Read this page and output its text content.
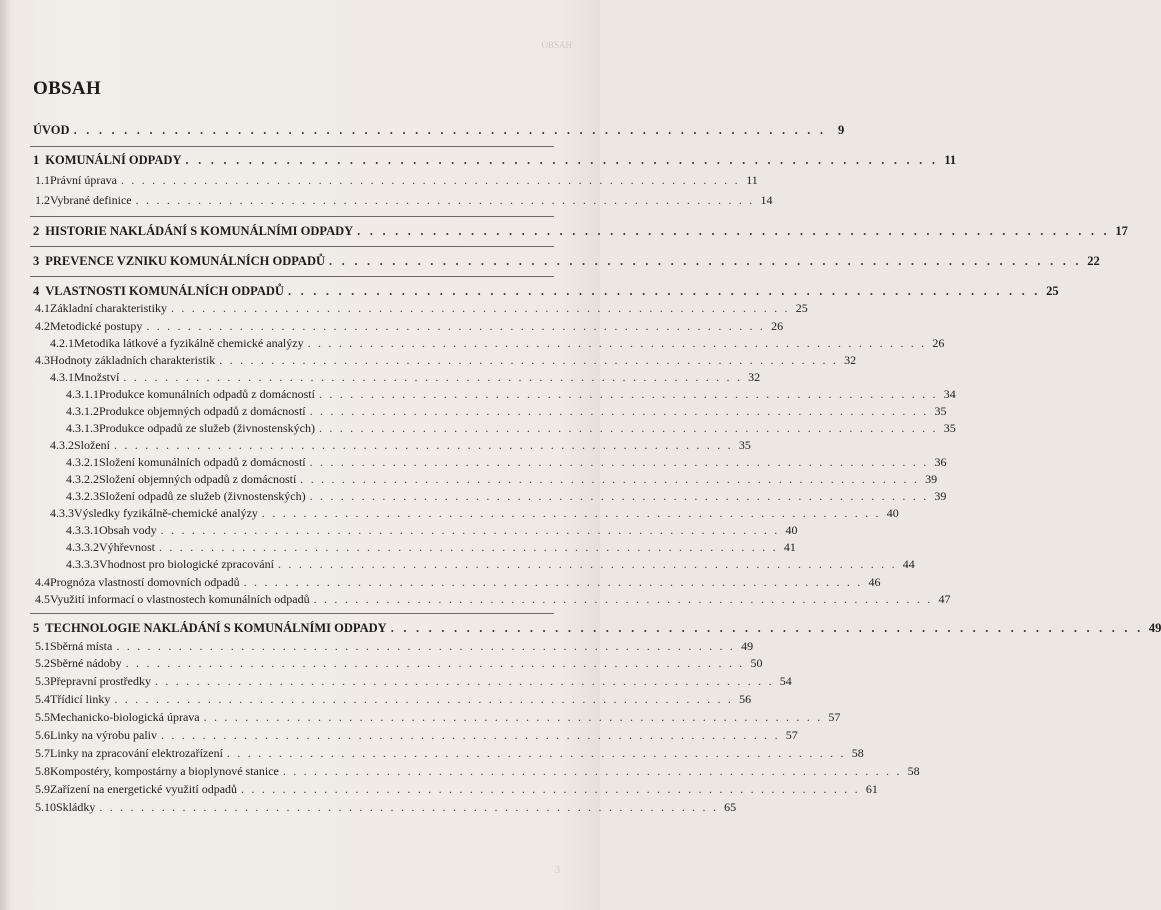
OBSAH
3
OBSAH
ÚVOD . . . . . . . . . . . . . . . . . . . . . . . . . . . . . . . . . . . . . . . . . . . . . . . . . . . . . . . . . . . . 9
1 KOMUNÁLNÍ ODPADY . . . . . . . . . . . . . . . . . . . . . . . . . . . . . . . . . . . . . . . . . . . . . . . . . . . . . . . . . . . . 11
1.1 Právní úprava . . . . . . . . . . . . . . . . . . . . . . . . . . . . . . . . . . . . . . . . . . . . . . . . . . . . . . . . . . . . 11
1.2 Vybrané definice . . . . . . . . . . . . . . . . . . . . . . . . . . . . . . . . . . . . . . . . . . . . . . . . . . . . . . . . . . . . 14
2 HISTORIE NAKLÁDÁNÍ S KOMUNÁLNÍMI ODPADY . . . . . . . . . . . . . . . . . . . . . . . . . . . . . . . . . . . . . . . . . . . . . . . . . . . . . . . . . . . . 17
3 PREVENCE VZNIKU KOMUNÁLNÍCH ODPADŮ . . . . . . . . . . . . . . . . . . . . . . . . . . . . . . . . . . . . . . . . . . . . . . . . . . . . . . . . . . . . 22
4 VLASTNOSTI KOMUNÁLNÍCH ODPADŮ . . . . . . . . . . . . . . . . . . . . . . . . . . . . . . . . . . . . . . . . . . . . . . . . . . . . . . . . . . . . 25
4.1 Základní charakteristiky . . . . . . . . . . . . . . . . . . . . . . . . . . . . . . . . . . . . . . . . . . . . . . . . . . . . . . . . . . . . 25
4.2 Metodické postupy . . . . . . . . . . . . . . . . . . . . . . . . . . . . . . . . . . . . . . . . . . . . . . . . . . . . . . . . . . . . 26
4.2.1 Metodika látkové a fyzikálně chemické analýzy . . . . . . . . . . . . . . . . . . . . . . . . . . . . . . . . . . . . . . . . . . . . . . . . . . . . . . . . . . . . 26
4.3 Hodnoty základních charakteristik . . . . . . . . . . . . . . . . . . . . . . . . . . . . . . . . . . . . . . . . . . . . . . . . . . . . . . . . . . . . 32
4.3.1 Množství . . . . . . . . . . . . . . . . . . . . . . . . . . . . . . . . . . . . . . . . . . . . . . . . . . . . . . . . . . . . 32
4.3.1.1 Produkce komunálních odpadů z domácností . . . . . . . . . . . . . . . . . . . . . . . . . . . . . . . . . . . . . . . . . . . . . . . . . . . . . . . . . . . . 34
4.3.1.2 Produkce objemných odpadů z domácností . . . . . . . . . . . . . . . . . . . . . . . . . . . . . . . . . . . . . . . . . . . . . . . . . . . . . . . . . . . . 35
4.3.1.3 Produkce odpadů ze služeb (živnostenských) . . . . . . . . . . . . . . . . . . . . . . . . . . . . . . . . . . . . . . . . . . . . . . . . . . . . . . . . . . . . 35
4.3.2 Složení . . . . . . . . . . . . . . . . . . . . . . . . . . . . . . . . . . . . . . . . . . . . . . . . . . . . . . . . . . . . 35
4.3.2.1 Složení komunálních odpadů z domácností . . . . . . . . . . . . . . . . . . . . . . . . . . . . . . . . . . . . . . . . . . . . . . . . . . . . . . . . . . . . 36
4.3.2.2 Složení objemných odpadů z domácností . . . . . . . . . . . . . . . . . . . . . . . . . . . . . . . . . . . . . . . . . . . . . . . . . . . . . . . . . . . . 39
4.3.2.3 Složení odpadů ze služeb (živnostenských) . . . . . . . . . . . . . . . . . . . . . . . . . . . . . . . . . . . . . . . . . . . . . . . . . . . . . . . . . . . . 39
4.3.3 Výsledky fyzikálně-chemické analýzy . . . . . . . . . . . . . . . . . . . . . . . . . . . . . . . . . . . . . . . . . . . . . . . . . . . . . . . . . . . . 40
4.3.3.1 Obsah vody . . . . . . . . . . . . . . . . . . . . . . . . . . . . . . . . . . . . . . . . . . . . . . . . . . . . . . . . . . . . 40
4.3.3.2 Výhřevnost . . . . . . . . . . . . . . . . . . . . . . . . . . . . . . . . . . . . . . . . . . . . . . . . . . . . . . . . . . . . 41
4.3.3.3 Vhodnost pro biologické zpracování . . . . . . . . . . . . . . . . . . . . . . . . . . . . . . . . . . . . . . . . . . . . . . . . . . . . . . . . . . . . 44
4.4 Prognóza vlastností domovních odpadů . . . . . . . . . . . . . . . . . . . . . . . . . . . . . . . . . . . . . . . . . . . . . . . . . . . . . . . . . . . . 46
4.5 Využití informací o vlastnostech komunálních odpadů . . . . . . . . . . . . . . . . . . . . . . . . . . . . . . . . . . . . . . . . . . . . . . . . . . . . . . . . . . . . 47
5 TECHNOLOGIE NAKLÁDÁNÍ S KOMUNÁLNÍMI ODPADY . . . . . . . . . . . . . . . . . . . . . . . . . . . . . . . . . . . . . . . . . . . . . . . . . . . . . . . . . . . . 49
5.1 Sběrná místa . . . . . . . . . . . . . . . . . . . . . . . . . . . . . . . . . . . . . . . . . . . . . . . . . . . . . . . . . . . . 49
5.2 Sběrné nádoby . . . . . . . . . . . . . . . . . . . . . . . . . . . . . . . . . . . . . . . . . . . . . . . . . . . . . . . . . . . . 50
5.3 Přepravní prostředky . . . . . . . . . . . . . . . . . . . . . . . . . . . . . . . . . . . . . . . . . . . . . . . . . . . . . . . . . . . . 54
5.4 Třídicí linky . . . . . . . . . . . . . . . . . . . . . . . . . . . . . . . . . . . . . . . . . . . . . . . . . . . . . . . . . . . . 56
5.5 Mechanicko-biologická úprava . . . . . . . . . . . . . . . . . . . . . . . . . . . . . . . . . . . . . . . . . . . . . . . . . . . . . . . . . . . . 57
5.6 Linky na výrobu paliv . . . . . . . . . . . . . . . . . . . . . . . . . . . . . . . . . . . . . . . . . . . . . . . . . . . . . . . . . . . . 57
5.7 Linky na zpracování elektrozařízení . . . . . . . . . . . . . . . . . . . . . . . . . . . . . . . . . . . . . . . . . . . . . . . . . . . . . . . . . . . . 58
5.8 Kompostéry, kompostárny a bioplynové stanice . . . . . . . . . . . . . . . . . . . . . . . . . . . . . . . . . . . . . . . . . . . . . . . . . . . . . . . . . . . . 58
5.9 Zařízení na energetické využití odpadů . . . . . . . . . . . . . . . . . . . . . . . . . . . . . . . . . . . . . . . . . . . . . . . . . . . . . . . . . . . . 61
5.10 Skládky . . . . . . . . . . . . . . . . . . . . . . . . . . . . . . . . . . . . . . . . . . . . . . . . . . . . . . . . . . . . 65
